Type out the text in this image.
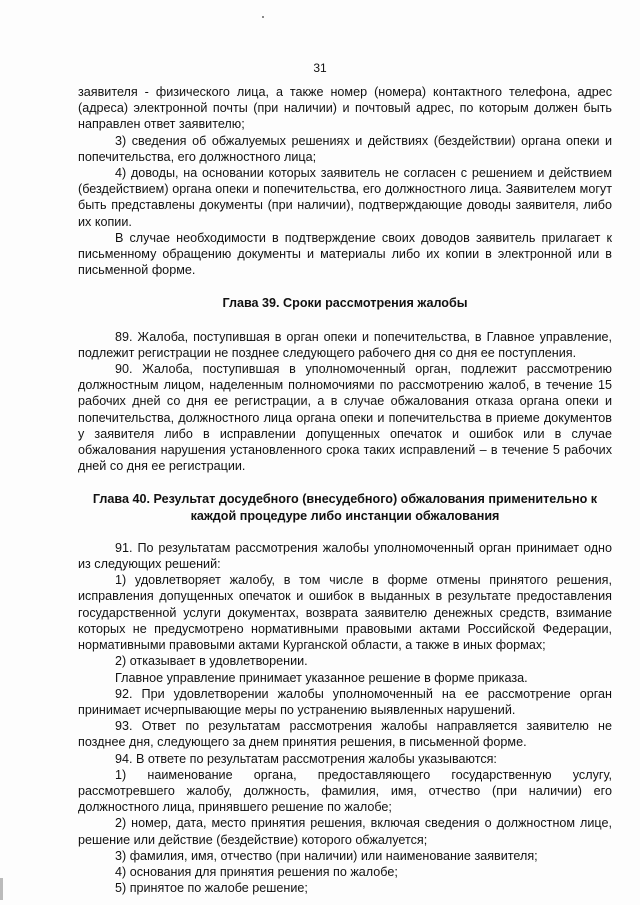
31

заявителя - физического лица, а также номер (номера) контактного телефона, адрес (адреса) электронной почты (при наличии) и почтовый адрес, по которым должен быть направлен ответ заявителю;

3) сведения об обжалуемых решениях и действиях (бездействии) органа опеки и попечительства, его должностного лица;

4) доводы, на основании которых заявитель не согласен с решением и действием (бездействием) органа опеки и попечительства, его должностного лица. Заявителем могут быть представлены документы (при наличии), подтверждающие доводы заявителя, либо их копии.

В случае необходимости в подтверждение своих доводов заявитель прилагает к письменному обращению документы и материалы либо их копии в электронной или в письменной форме.

Глава 39. Сроки рассмотрения жалобы

89. Жалоба, поступившая в орган опеки и попечительства, в Главное управление, подлежит регистрации не позднее следующего рабочего дня со дня ее поступления.

90. Жалоба, поступившая в уполномоченный орган, подлежит рассмотрению должностным лицом, наделенным полномочиями по рассмотрению жалоб, в течение 15 рабочих дней со дня ее регистрации, а в случае обжалования отказа органа опеки и попечительства, должностного лица органа опеки и попечительства в приеме документов у заявителя либо в исправлении допущенных опечаток и ошибок или в случае обжалования нарушения установленного срока таких исправлений – в течение 5 рабочих дней со дня ее регистрации.

Глава 40. Результат досудебного (внесудебного) обжалования применительно к каждой процедуре либо инстанции обжалования

91. По результатам рассмотрения жалобы уполномоченный орган принимает одно из следующих решений:

1) удовлетворяет жалобу, в том числе в форме отмены принятого решения, исправления допущенных опечаток и ошибок в выданных в результате предоставления государственной услуги документах, возврата заявителю денежных средств, взимание которых не предусмотрено нормативными правовыми актами Российской Федерации, нормативными правовыми актами Курганской области, а также в иных формах;

2) отказывает в удовлетворении.

Главное управление принимает указанное решение в форме приказа.

92. При удовлетворении жалобы уполномоченный на ее рассмотрение орган принимает исчерпывающие меры по устранению выявленных нарушений.

93. Ответ по результатам рассмотрения жалобы направляется заявителю не позднее дня, следующего за днем принятия решения, в письменной форме.

94. В ответе по результатам рассмотрения жалобы указываются:

1) наименование органа, предоставляющего государственную услугу, рассмотревшего жалобу, должность, фамилия, имя, отчество (при наличии) его должностного лица, принявшего решение по жалобе;

2) номер, дата, место принятия решения, включая сведения о должностном лице, решение или действие (бездействие) которого обжалуется;

3) фамилия, имя, отчество (при наличии) или наименование заявителя;

4) основания для принятия решения по жалобе;

5) принятое по жалобе решение;
